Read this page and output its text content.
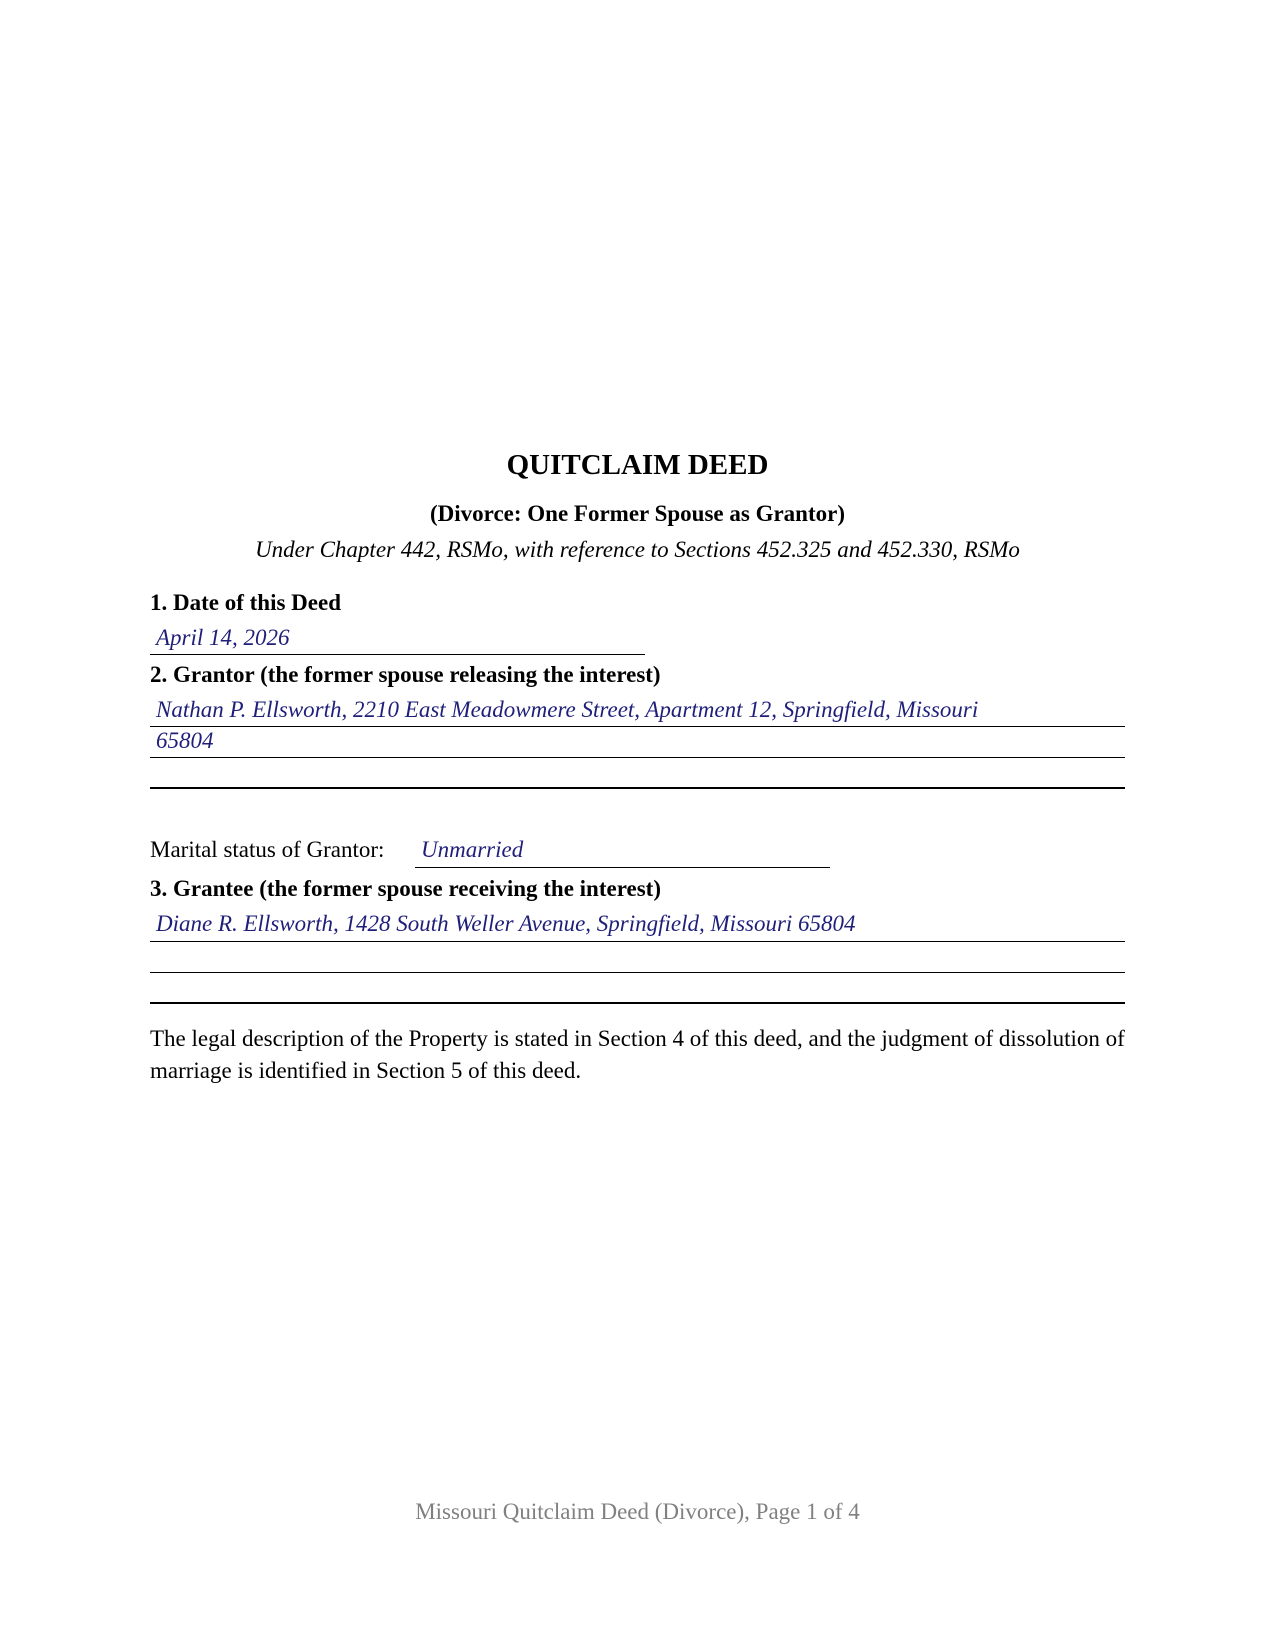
QUITCLAIM DEED
(Divorce: One Former Spouse as Grantor)
Under Chapter 442, RSMo, with reference to Sections 452.325 and 452.330, RSMo
1. Date of this Deed
April 14, 2026
2. Grantor (the former spouse releasing the interest)
Nathan P. Ellsworth, 2210 East Meadowmere Street, Apartment 12, Springfield, Missouri
65804
Marital status of Grantor: Unmarried
3. Grantee (the former spouse receiving the interest)
Diane R. Ellsworth, 1428 South Weller Avenue, Springfield, Missouri 65804
The legal description of the Property is stated in Section 4 of this deed, and the judgment of dissolution of marriage is identified in Section 5 of this deed.
Missouri Quitclaim Deed (Divorce), Page 1 of 4
